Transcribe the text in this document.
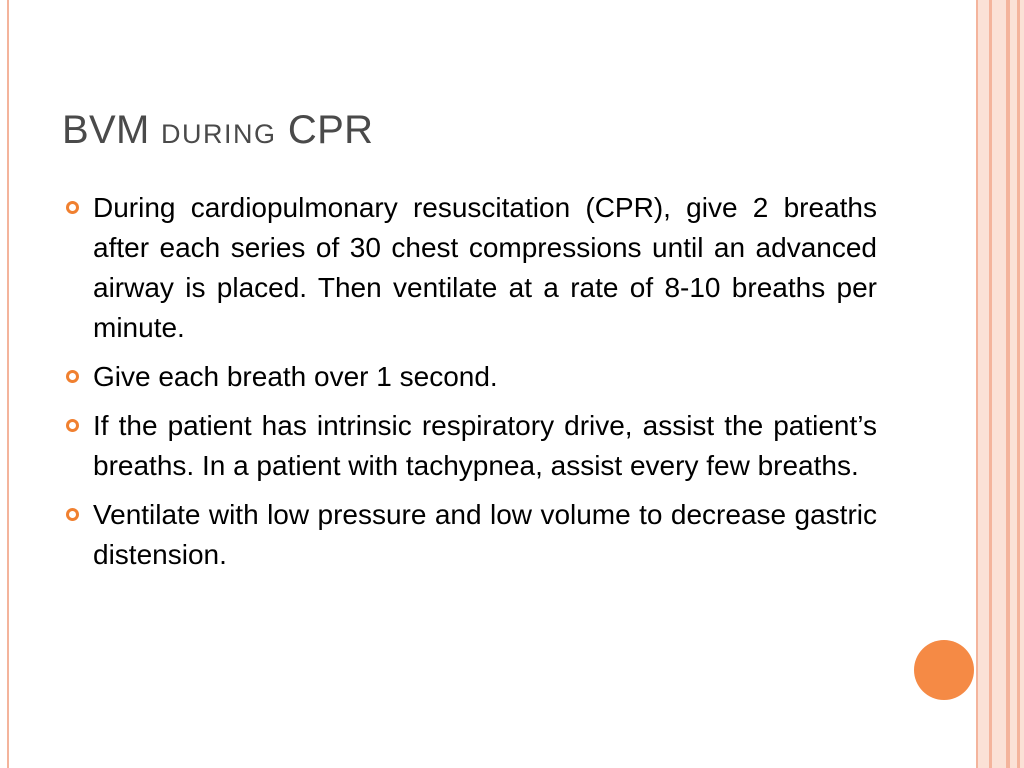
BVM DURING CPR
During cardiopulmonary resuscitation (CPR), give 2 breaths after each series of 30 chest compressions until an advanced airway is placed. Then ventilate at a rate of 8-10 breaths per minute.
Give each breath over 1 second.
If the patient has intrinsic respiratory drive, assist the patient’s breaths. In a patient with tachypnea, assist every few breaths.
Ventilate with low pressure and low volume to decrease gastric distension.
